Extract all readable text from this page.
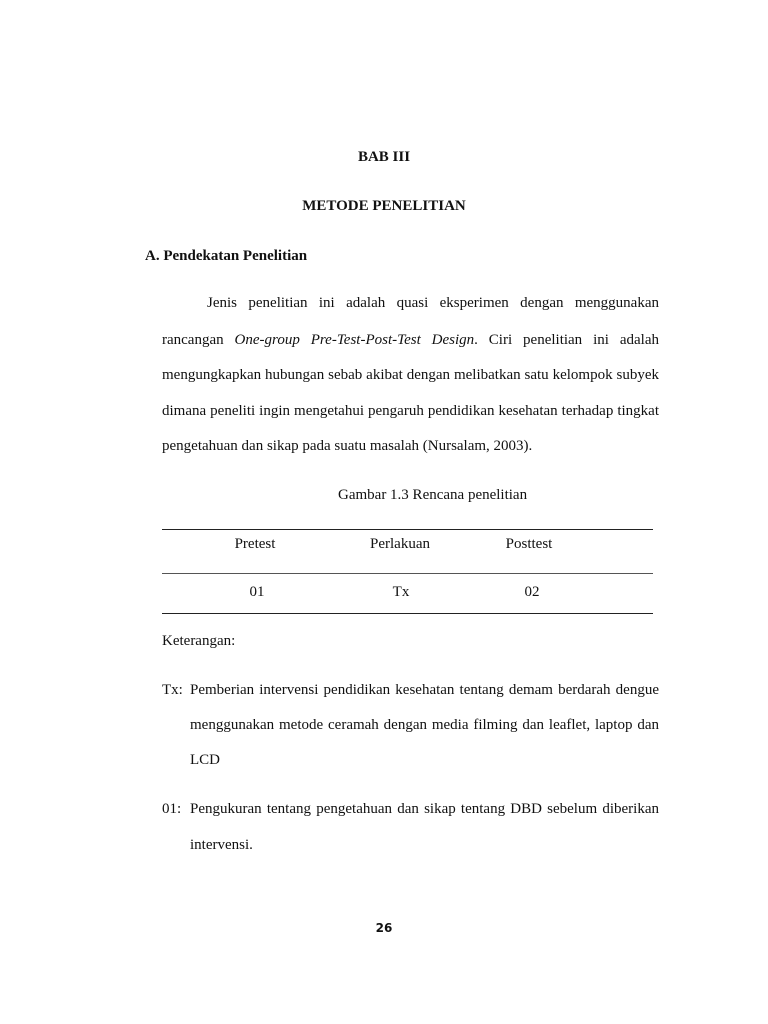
BAB III
METODE PENELITIAN
A. Pendekatan Penelitian
Jenis penelitian ini adalah quasi eksperimen dengan menggunakan
rancangan One-group Pre-Test-Post-Test Design. Ciri penelitian ini adalah
mengungkapkan hubungan sebab akibat dengan melibatkan satu kelompok subyek
dimana peneliti ingin mengetahui pengaruh pendidikan kesehatan terhadap tingkat
pengetahuan dan sikap pada suatu masalah (Nursalam, 2003).
Gambar 1.3 Rencana penelitian
Pretest	Perlakuan	Posttest
01	Tx	02
Keterangan:
Tx: Pemberian intervensi pendidikan kesehatan tentang demam berdarah dengue
menggunakan metode ceramah dengan media filming dan leaflet, laptop dan
LCD
01: Pengukuran tentang pengetahuan dan sikap tentang DBD sebelum diberikan
intervensi.
26
